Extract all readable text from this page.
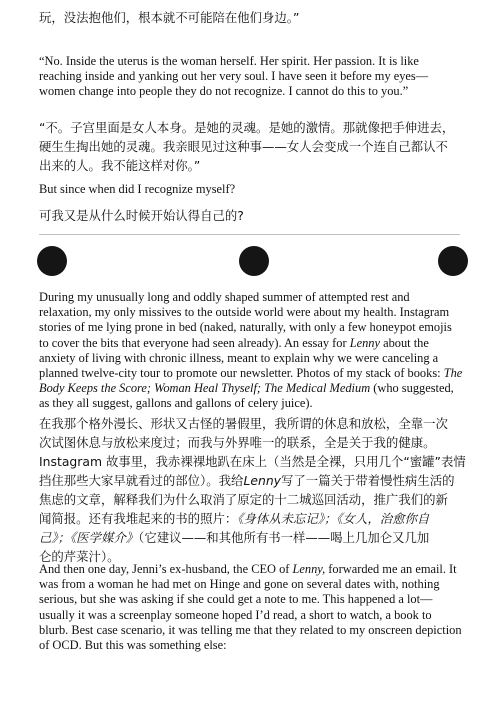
玩，没法抱他们，根本就不可能陪在他们身边。”

“No. Inside the uterus is the woman herself. Her spirit. Her passion. It is like reaching inside and yanking out her very soul. I have seen it before my eyes—women change into people they do not recognize. I cannot do this to you.”

“不。子宫里面是女人本身。是她的灵魂。是她的激情。那就像把手伸进去，
硬生生掏出她的灵魂。我亲眼见过这种事——女人会变成一个连自己都认不
出来的人。我不能这样对你。”

But since when did I recognize myself?

可我又是从什么时候开始认得自己的?

During my unusually long and oddly shaped summer of attempted rest and relaxation, my only missives to the outside world were about my health. Instagram stories of me lying prone in bed (naked, naturally, with only a few honeypot emojis to cover the bits that everyone had seen already). An essay for Lenny about the anxiety of living with chronic illness, meant to explain why we were canceling a planned twelve-city tour to promote our newsletter. Photos of my stack of books: The Body Keeps the Score; Woman Heal Thyself; The Medical Medium (who suggested, as they all suggest, gallons and gallons of celery juice).

在我那个格外漫长、形状又古怪的暑假里，我所谓的休息和放松，全靠一次
次试图休息与放松来度过；而我与外界唯一的联系，全是关于我的健康。
Instagram 故事里，我赤裸裸地趴在床上（当然是全裸，只用几个“蜜罐”表情
挡住那些大家早就看过的部位）。我给Lenny写了一篇关于带着慢性病生活的
焦虑的文章，解释我们为什么取消了原定的十二城巡回活动，推广我们的新
闻简报。还有我堆起来的书的照片：《身体从未忘记》；《女人，治愈你自
己》；《医学媒介》（它建议——和其他所有书一样——喝上几加仑又几加
仑的芹菜汁）。

And then one day, Jenni’s ex-husband, the CEO of Lenny, forwarded me an email. It was from a woman he had met on Hinge and gone on several dates with, nothing serious, but she was asking if she could get a note to me. This happened a lot—usually it was a screenplay someone hoped I’d read, a short to watch, a book to blurb. Best case scenario, it was telling me that they related to my onscreen depiction of OCD. But this was something else:
